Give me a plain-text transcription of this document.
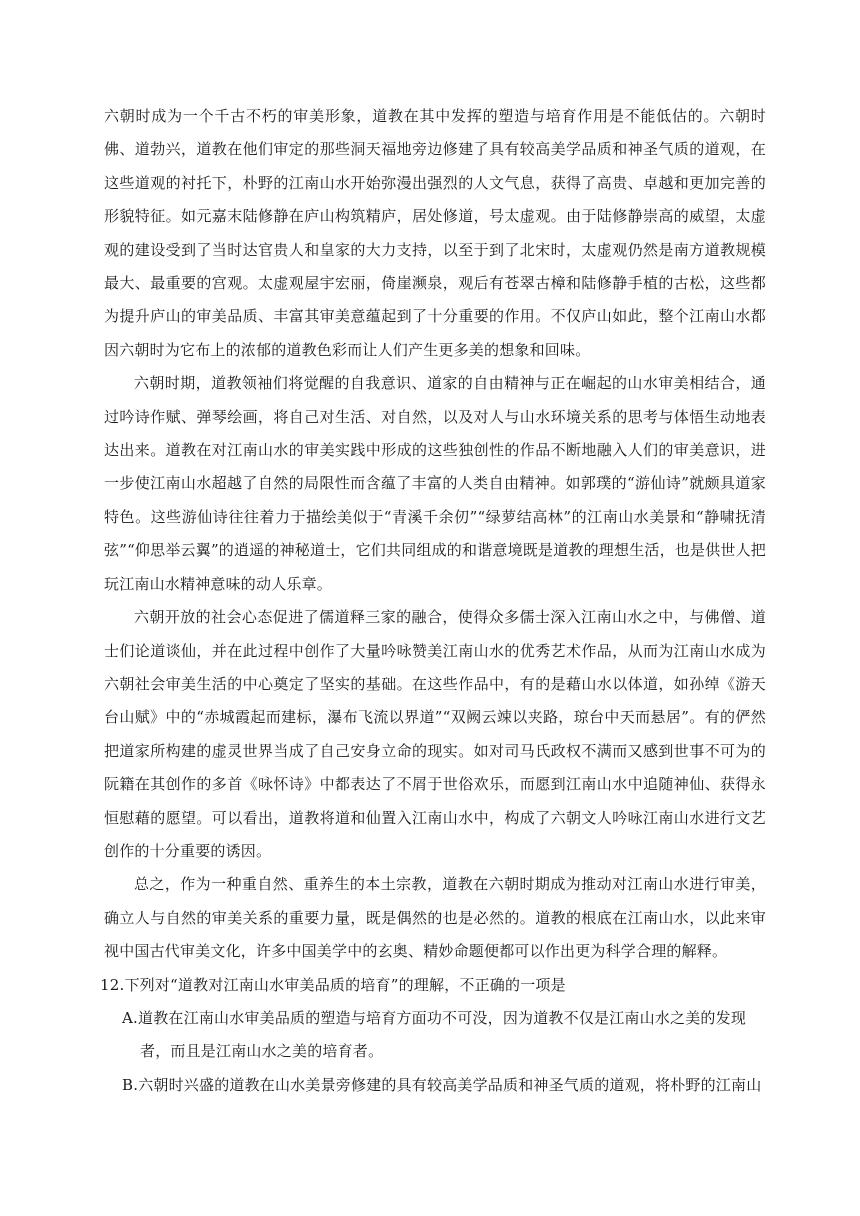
六朝时成为一个千古不朽的审美形象，道教在其中发挥的塑造与培育作用是不能低估的。六朝时佛、道勃兴，道教在他们审定的那些洞天福地旁边修建了具有较高美学品质和神圣气质的道观，在这些道观的衬托下，朴野的江南山水开始弥漫出强烈的人文气息，获得了高贵、卓越和更加完善的形貌特征。如元嘉末陆修静在庐山构筑精庐，居处修道，号太虚观。由于陆修静崇高的威望，太虚观的建设受到了当时达官贵人和皇家的大力支持，以至于到了北宋时，太虚观仍然是南方道教规模最大、最重要的宫观。太虚观屋宇宏丽，倚崖濒泉，观后有苍翠古樟和陆修静手植的古松，这些都为提升庐山的审美品质、丰富其审美意蕴起到了十分重要的作用。不仅庐山如此，整个江南山水都因六朝时为它布上的浓郁的道教色彩而让人们产生更多美的想象和回味。

六朝时期，道教领袖们将觉醒的自我意识、道家的自由精神与正在崛起的山水审美相结合，通过吟诗作赋、弹琴绘画，将自己对生活、对自然，以及对人与山水环境关系的思考与体悟生动地表达出来。道教在对江南山水的审美实践中形成的这些独创性的作品不断地融入人们的审美意识，进一步使江南山水超越了自然的局限性而含蕴了丰富的人类自由精神。如郭璞的“游仙诗”就颇具道家特色。这些游仙诗往往着力于描绘美似于“青溪千余仞”“绿萝结高林”的江南山水美景和“静啸抚清弦”“仰思举云翼”的逍遥的神秘道士，它们共同组成的和谐意境既是道教的理想生活，也是供世人把玩江南山水精神意味的动人乐章。

六朝开放的社会心态促进了儒道释三家的融合，使得众多儒士深入江南山水之中，与佛僧、道士们论道谈仙，并在此过程中创作了大量吟咏赞美江南山水的优秀艺术作品，从而为江南山水成为六朝社会审美生活的中心奠定了坚实的基础。在这些作品中，有的是藉山水以体道，如孙绰《游天台山赋》中的“赤城霞起而建标，瀑布飞流以界道”“双阙云竦以夹路，琼台中天而悬居”。有的俨然把道家所构建的虚灵世界当成了自己安身立命的现实。如对司马氏政权不满而又感到世事不可为的阮籍在其创作的多首《咏怀诗》中都表达了不屑于世俗欢乐，而愿到江南山水中追随神仙、获得永恒慰藉的愿望。可以看出，道教将道和仙置入江南山水中，构成了六朝文人吟咏江南山水进行文艺创作的十分重要的诱因。

总之，作为一种重自然、重养生的本土宗教，道教在六朝时期成为推动对江南山水进行审美，确立人与自然的审美关系的重要力量，既是偶然的也是必然的。道教的根底在江南山水，以此来审视中国古代审美文化，许多中国美学中的玄奥、精妙命题便都可以作出更为科学合理的解释。

12.下列对“道教对江南山水审美品质的培育”的理解，不正确的一项是

A.道教在江南山水审美品质的塑造与培育方面功不可没，因为道教不仅是江南山水之美的发现
者，而且是江南山水之美的培育者。

B.六朝时兴盛的道教在山水美景旁修建的具有较高美学品质和神圣气质的道观，将朴野的江南山
